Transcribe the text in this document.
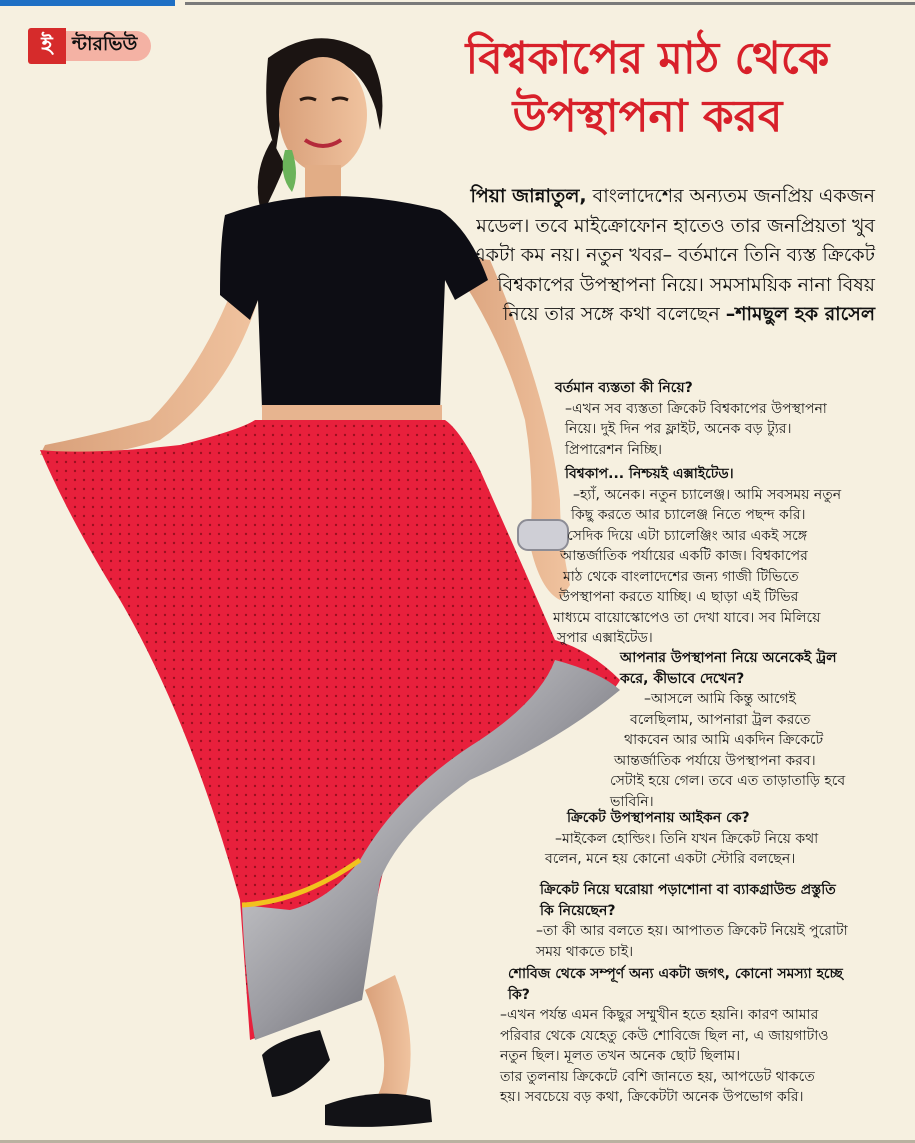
ই	ন্টারভিউ	বিশ্বকাপের মাঠ থেকে
উপস্থাপনা করব
পিয়া জান্নাতুল, বাংলাদেশের অন্যতম জনপ্রিয় একজন মডেল। তবে মাইক্রোফোন হাতেও তার জনপ্রিয়তা খুব একটা কম নয়। নতুন খবর– বর্তমানে তিনি ব্যস্ত ক্রিকেট বিশ্বকাপের উপস্থাপনা নিয়ে। সমসাময়িক নানা বিষয় নিয়ে তার সঙ্গে কথা বলেছেন –শামছুল হক রাসেল
বর্তমান ব্যস্ততা কী নিয়ে?
–এখন সব ব্যস্ততা ক্রিকেট বিশ্বকাপের উপস্থাপনা
নিয়ে। দুই দিন পর ফ্লাইট, অনেক বড় ট্যুর।
প্রিপারেশন নিচ্ছি।
বিশ্বকাপ... নিশ্চয়ই এক্সাইটেড।
–হ্যাঁ, অনেক। নতুন চ্যালেঞ্জ। আমি সবসময় নতুন
কিছু করতে আর চ্যালেঞ্জ নিতে পছন্দ করি।
সেদিক দিয়ে এটা চ্যালেঞ্জিং আর একই সঙ্গে
আন্তর্জাতিক পর্যায়ের একটি কাজ। বিশ্বকাপের
মাঠ থেকে বাংলাদেশের জন্য গাজী টিভিতে
উপস্থাপনা করতে যাচ্ছি। এ ছাড়া এই টিভির
মাধ্যমে বায়োস্কোপেও তা দেখা যাবে। সব মিলিয়ে
সুপার এক্সাইটেড।
আপনার উপস্থাপনা নিয়ে অনেকেই ট্রল
করে, কীভাবে দেখেন?
–আসলে আমি কিন্তু আগেই
বলেছিলাম, আপনারা ট্রল করতে
থাকবেন আর আমি একদিন ক্রিকেটে
আন্তর্জাতিক পর্যায়ে উপস্থাপনা করব।
সেটাই হয়ে গেল। তবে এত তাড়াতাড়ি হবে
ভাবিনি।
ক্রিকেট উপস্থাপনায় আইকন কে?
–মাইকেল হোল্ডিং। তিনি যখন ক্রিকেট নিয়ে কথা
বলেন, মনে হয় কোনো একটা স্টোরি বলছেন।
ক্রিকেট নিয়ে ঘরোয়া পড়াশোনা বা ব্যাকগ্রাউন্ড প্রস্তুতি
কি নিয়েছেন?
–তা কী আর বলতে হয়। আপাতত ক্রিকেট নিয়েই পুরোটা
সময় থাকতে চাই।
শোবিজ থেকে সম্পূর্ণ অন্য একটা জগৎ, কোনো সমস্যা হচ্ছে
কি?
–এখন পর্যন্ত এমন কিছুর সম্মুখীন হতে হয়নি। কারণ আমার
পরিবার থেকে যেহেতু কেউ শোবিজে ছিল না, এ জায়গাটাও
নতুন ছিল। মূলত তখন অনেক ছোট ছিলাম।
তার তুলনায় ক্রিকেটে বেশি জানতে হয়, আপডেট থাকতে
হয়। সবচেয়ে বড় কথা, ক্রিকেটটা অনেক উপভোগ করি।
